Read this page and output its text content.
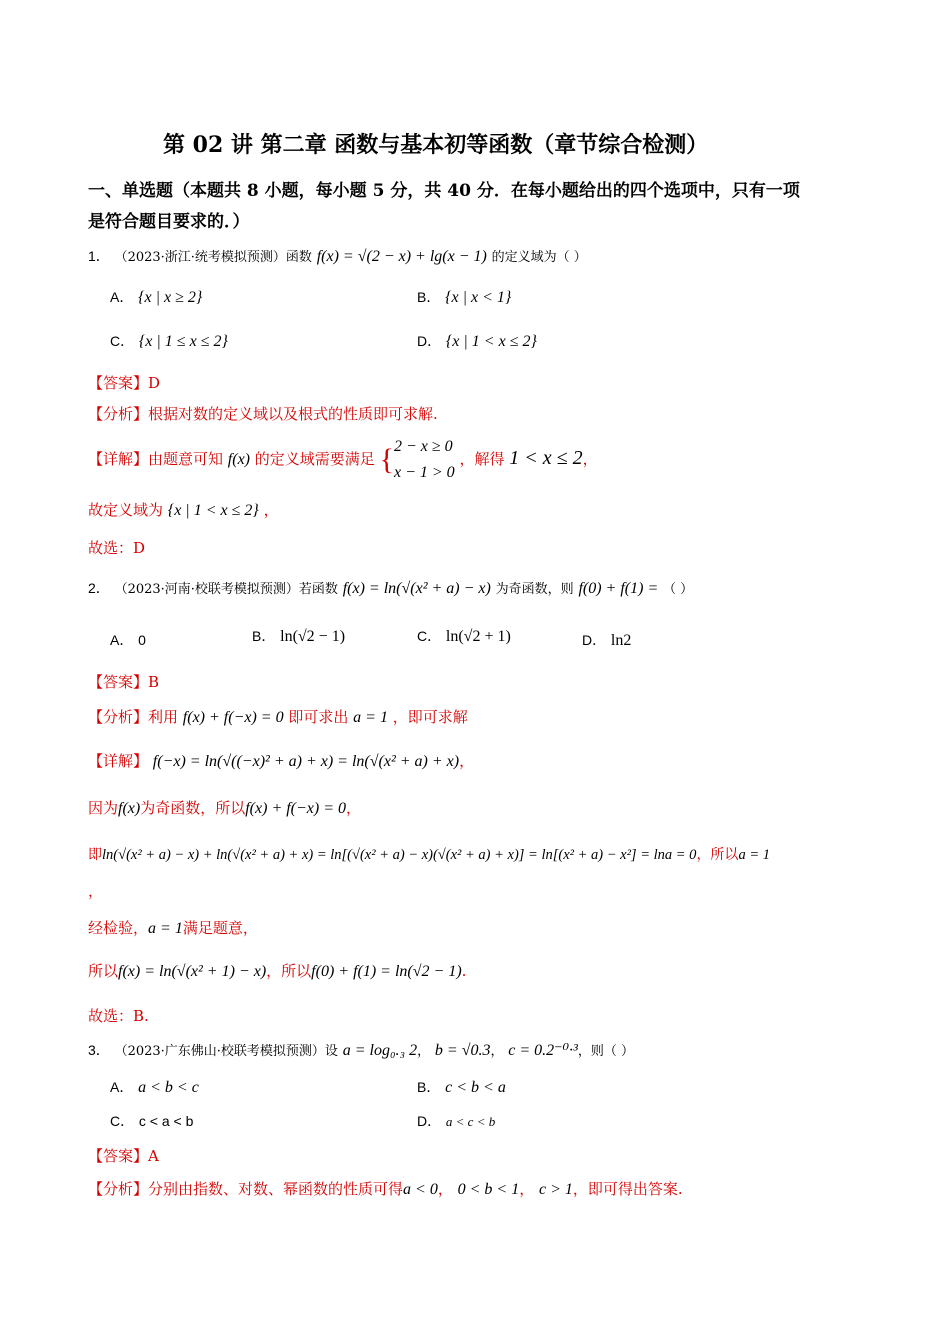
第 02 讲 第二章 函数与基本初等函数（章节综合检测）
一、单选题（本题共 8 小题，每小题 5 分，共 40 分．在每小题给出的四个选项中，只有一项
是符合题目要求的．）
1． （2023·浙江·统考模拟预测）函数 f(x) = √(2 − x) + lg(x − 1) 的定义域为（ ）
A． {x | x ≥ 2}	B． {x | x < 1}
C． {x | 1 ≤ x ≤ 2}	D． {x | 1 < x ≤ 2}
【答案】D
【分析】根据对数的定义域以及根式的性质即可求解.
【详解】由题意可知 f(x) 的定义域需要满足 { 2 − x ≥ 0
x − 1 > 0
，解得 1 < x ≤ 2，
故定义域为 {x | 1 < x ≤ 2} ，
故选：D
2． （2023·河南·校联考模拟预测）若函数 f(x) = ln(√(x² + a) − x) 为奇函数，则 f(0) + f(1) = （ ）
A． 0	B． ln(√2 − 1)	C． ln(√2 + 1)	D． ln2
【答案】B
【分析】利用 f(x) + f(−x) = 0 即可求出 a = 1 ，即可求解
【详解】 f(−x) = ln(√((−x)² + a) + x) = ln(√(x² + a) + x)，
因为f(x)为奇函数，所以f(x) + f(−x) = 0，
即ln(√(x² + a) − x) + ln(√(x² + a) + x) = ln[(√(x² + a) − x)(√(x² + a) + x)] = ln[(x² + a) − x²] = lna = 0，所以a = 1
，
经检验，a = 1满足题意，
所以f(x) = ln(√(x² + 1) − x)，所以f(0) + f(1) = ln(√2 − 1).
故选：B.
3． （2023·广东佛山·校联考模拟预测）设 a = log₀.₃ 2， b = √0.3， c = 0.2⁻⁰·³，则（ ）
A． a < b < c	B． c < b < a
C． c < a < b	D． a < c < b
【答案】A
【分析】分别由指数、对数、幂函数的性质可得a < 0， 0 < b < 1， c > 1，即可得出答案.
